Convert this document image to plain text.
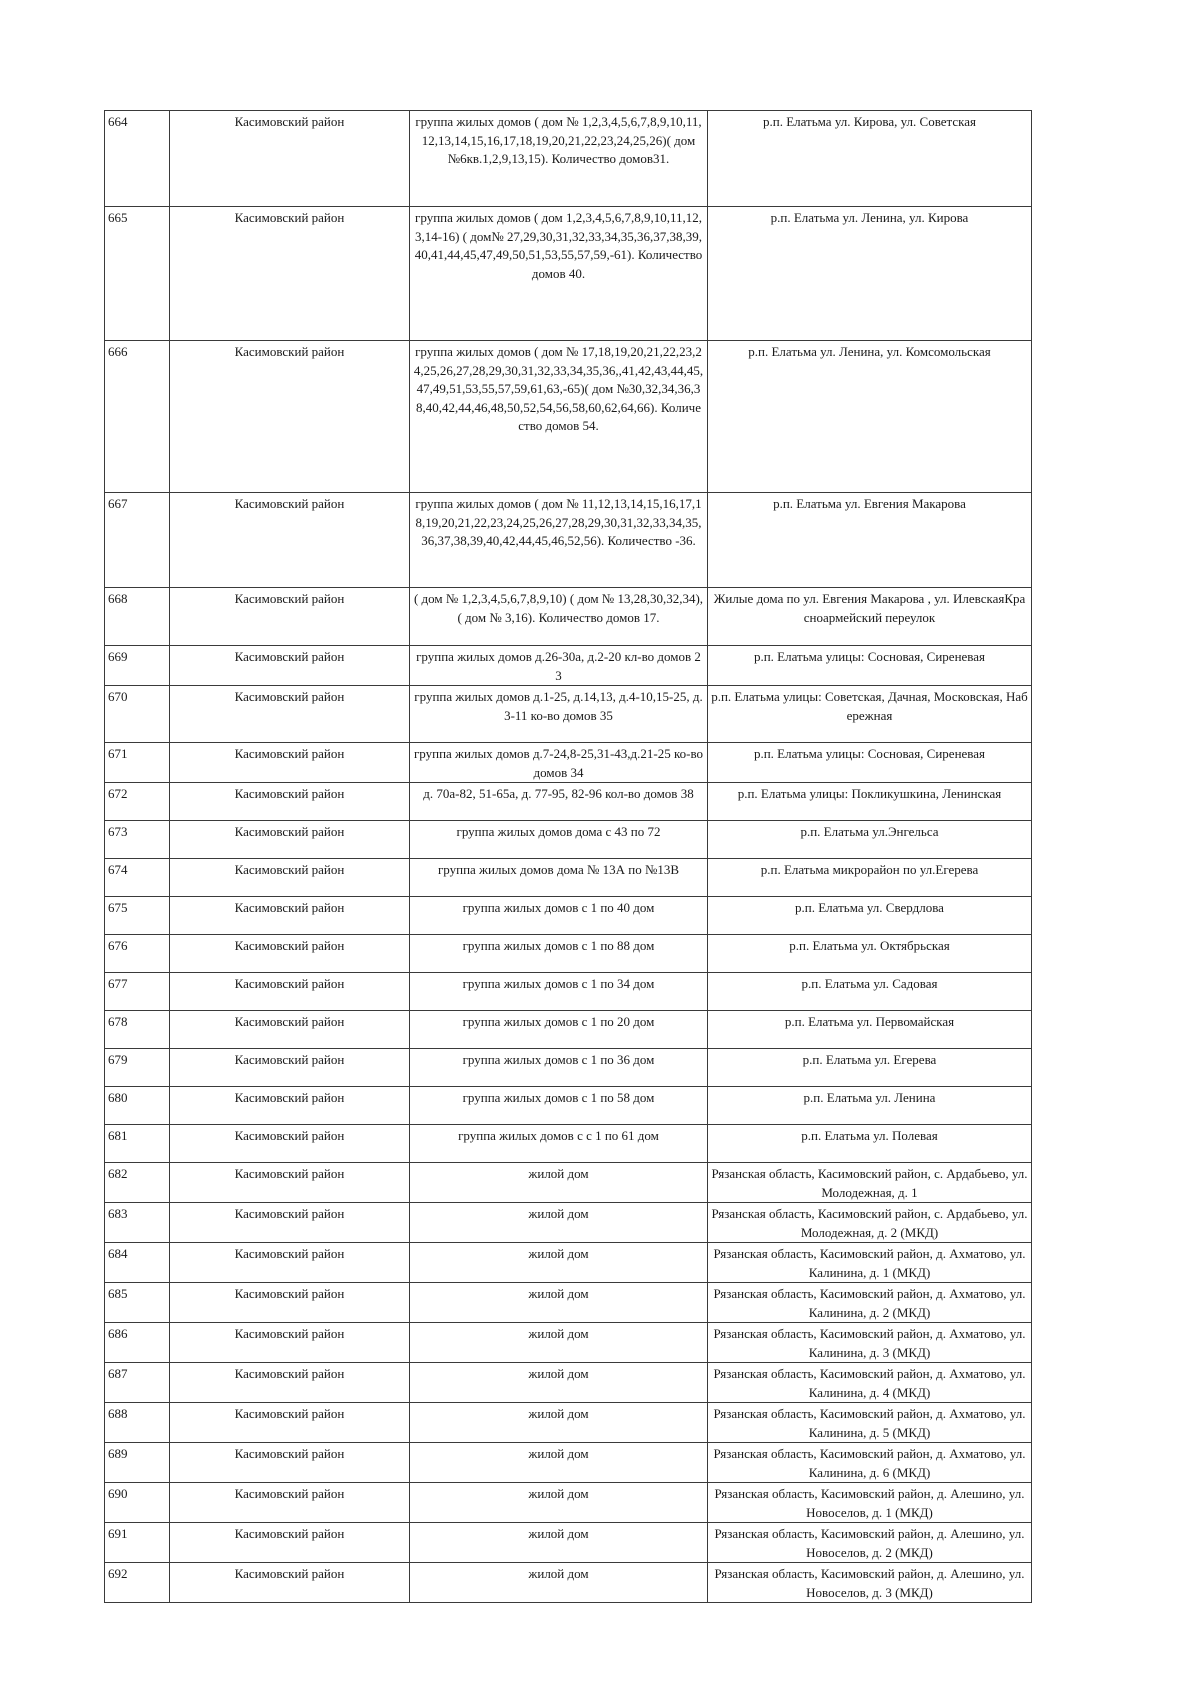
664	Касимовский район	группа жилых домов ( дом № 1,2,3,4,5,6,7,8,9,10,11,12,13,14,15,16,17,18,19,20,21,22,23,24,25,26)( дом №6кв.1,2,9,13,15). Количество домов31.	р.п. Елатьма ул. Кирова, ул. Советская
665	Касимовский район	группа жилых домов ( дом 1,2,3,4,5,6,7,8,9,10,11,12,3,14-16) ( дом№ 27,29,30,31,32,33,34,35,36,37,38,39,40,41,44,45,47,49,50,51,53,55,57,59,-61). Количество домов 40.	р.п. Елатьма ул. Ленина, ул. Кирова
666	Касимовский район	группа жилых домов ( дом № 17,18,19,20,21,22,23,24,25,26,27,28,29,30,31,32,33,34,35,36,,41,42,43,44,45,47,49,51,53,55,57,59,61,63,-65)( дом №30,32,34,36,38,40,42,44,46,48,50,52,54,56,58,60,62,64,66). Количество домов 54.	р.п. Елатьма ул. Ленина, ул. Комсомольская
667	Касимовский район	группа жилых домов ( дом № 11,12,13,14,15,16,17,18,19,20,21,22,23,24,25,26,27,28,29,30,31,32,33,34,35,36,37,38,39,40,42,44,45,46,52,56). Количество -36.	р.п. Елатьма ул. Евгения Макарова
668	Касимовский район	( дом № 1,2,3,4,5,6,7,8,9,10) ( дом № 13,28,30,32,34),( дом № 3,16). Количество домов 17.	Жилые дома по ул. Евгения Макарова , ул. ИлевскаяКрасноармейский переулок
669	Касимовский район	группа жилых домов д.26-30а, д.2-20 кл-во домов 23	р.п. Елатьма улицы: Сосновая, Сиреневая
670	Касимовский район	группа жилых домов д.1-25, д.14,13, д.4-10,15-25, д.3-11 ко-во домов 35	р.п. Елатьма улицы: Советская, Дачная, Московская, Набережная
671	Касимовский район	группа жилых домов д.7-24,8-25,31-43,д.21-25 ко-во домов 34	р.п. Елатьма улицы: Сосновая, Сиреневая
672	Касимовский район	д. 70а-82, 51-65а, д. 77-95, 82-96 кол-во домов 38	р.п. Елатьма улицы: Покликушкина, Ленинская
673	Касимовский район	группа жилых домов дома с 43 по 72	р.п. Елатьма ул.Энгельса
674	Касимовский район	группа жилых домов дома № 13А по №13В	р.п. Елатьма микрорайон по ул.Егерева
675	Касимовский район	группа жилых домов с 1 по 40 дом	р.п. Елатьма ул. Свердлова
676	Касимовский район	группа жилых домов с 1 по 88 дом	р.п. Елатьма ул. Октябрьская
677	Касимовский район	группа жилых домов с 1 по 34 дом	р.п. Елатьма ул. Садовая
678	Касимовский район	группа жилых домов с 1 по 20 дом	р.п. Елатьма ул. Первомайская
679	Касимовский район	группа жилых домов с 1 по 36 дом	р.п. Елатьма ул. Егерева
680	Касимовский район	группа жилых домов с 1 по 58 дом	р.п. Елатьма ул. Ленина
681	Касимовский район	группа жилых домов с с 1 по 61 дом	р.п. Елатьма ул. Полевая
682	Касимовский район	жилой дом	Рязанская область, Касимовский район, с. Ардабьево, ул. Молодежная, д. 1
683	Касимовский район	жилой дом	Рязанская область, Касимовский район, с. Ардабьево, ул. Молодежная, д. 2 (МКД)
684	Касимовский район	жилой дом	Рязанская область, Касимовский район, д. Ахматово, ул. Калинина, д. 1 (МКД)
685	Касимовский район	жилой дом	Рязанская область, Касимовский район, д. Ахматово, ул. Калинина, д. 2 (МКД)
686	Касимовский район	жилой дом	Рязанская область, Касимовский район, д. Ахматово, ул. Калинина, д. 3 (МКД)
687	Касимовский район	жилой дом	Рязанская область, Касимовский район, д. Ахматово, ул. Калинина, д. 4 (МКД)
688	Касимовский район	жилой дом	Рязанская область, Касимовский район, д. Ахматово, ул. Калинина, д. 5 (МКД)
689	Касимовский район	жилой дом	Рязанская область, Касимовский район, д. Ахматово, ул. Калинина, д. 6 (МКД)
690	Касимовский район	жилой дом	Рязанская область, Касимовский район, д. Алешино, ул. Новоселов, д. 1 (МКД)
691	Касимовский район	жилой дом	Рязанская область, Касимовский район, д. Алешино, ул. Новоселов, д. 2 (МКД)
692	Касимовский район	жилой дом	Рязанская область, Касимовский район, д. Алешино, ул. Новоселов, д. 3 (МКД)
